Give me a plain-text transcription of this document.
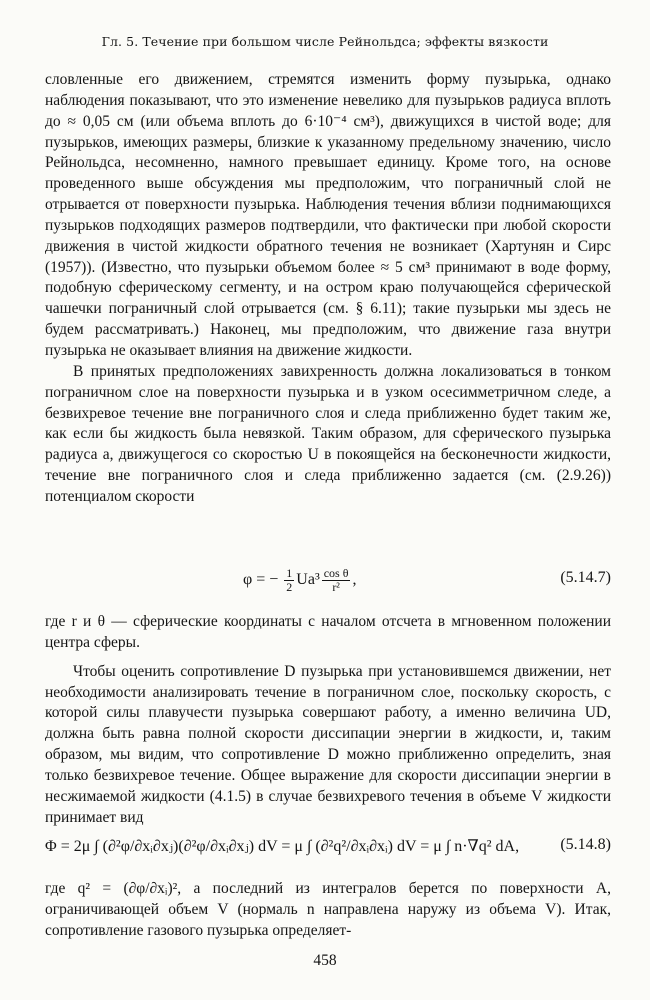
Гл. 5. Течение при большом числе Рейнольдса; эффекты вязкости

словленные его движением, стремятся изменить форму пузырька, однако наблюдения показывают, что это изменение невелико для пузырьков радиуса вплоть до ≈ 0,05 см (или объема вплоть до 6·10⁻⁴ см³), движущихся в чистой воде; для пузырьков, имеющих размеры, близкие к указанному предельному значению, число Рейнольдса, несомненно, намного превышает единицу. Кроме того, на основе проведенного выше обсуждения мы предположим, что пограничный слой не отрывается от поверхности пузырька. Наблюдения течения вблизи поднимающихся пузырьков подходящих размеров подтвердили, что фактически при любой скорости движения в чистой жидкости обратного течения не возникает (Хартунян и Сирс (1957)). (Известно, что пузырьки объемом более ≈ 5 см³ принимают в воде форму, подобную сферическому сегменту, и на остром краю получающейся сферической чашечки пограничный слой отрывается (см. § 6.11); такие пузырьки мы здесь не будем рассматривать.) Наконец, мы предположим, что движение газа внутри пузырька не оказывает влияния на движение жидкости.

В принятых предположениях завихренность должна локализоваться в тонком пограничном слое на поверхности пузырька и в узком осесимметричном следе, а безвихревое течение вне пограничного слоя и следа приближенно будет таким же, как если бы жидкость была невязкой. Таким образом, для сферического пузырька радиуса a, движущегося со скоростью U в покоящейся на бесконечности жидкости, течение вне пограничного слоя и следа приближенно задается (см. (2.9.26)) потенциалом скорости

φ = − $\frac{1}{2} Ua^3 \frac{\text{cos θ}}{\text{r²}}$ ,	(5.14.7)

где r и θ — сферические координаты с началом отсчета в мгновенном положении центра сферы.

Чтобы оценить сопротивление D пузырька при установившемся движении, нет необходимости анализировать течение в пограничном слое, поскольку скорость, с которой силы плавучести пузырька совершают работу, а именно величина UD, должна быть равна полной скорости диссипации энергии в жидкости, и, таким образом, мы видим, что сопротивление D можно приближенно определить, зная только безвихревое течение. Общее выражение для скорости диссипации энергии в несжимаемой жидкости (4.1.5) в случае безвихревого течения в объеме V жидкости принимает вид

Φ = 2μ ∫ (∂²φ/∂xᵢ∂xⱼ)(∂²φ/∂xᵢ∂xⱼ) dV = μ ∫ (∂²q²/∂xᵢ∂xᵢ) dV = μ ∫ n·∇q² dA,	(5.14.8)

где q² = (∂φ/∂xᵢ)², а последний из интегралов берется по поверхности A, ограничивающей объем V (нормаль n направлена наружу из объема V). Итак, сопротивление газового пузырька определяет-

458
